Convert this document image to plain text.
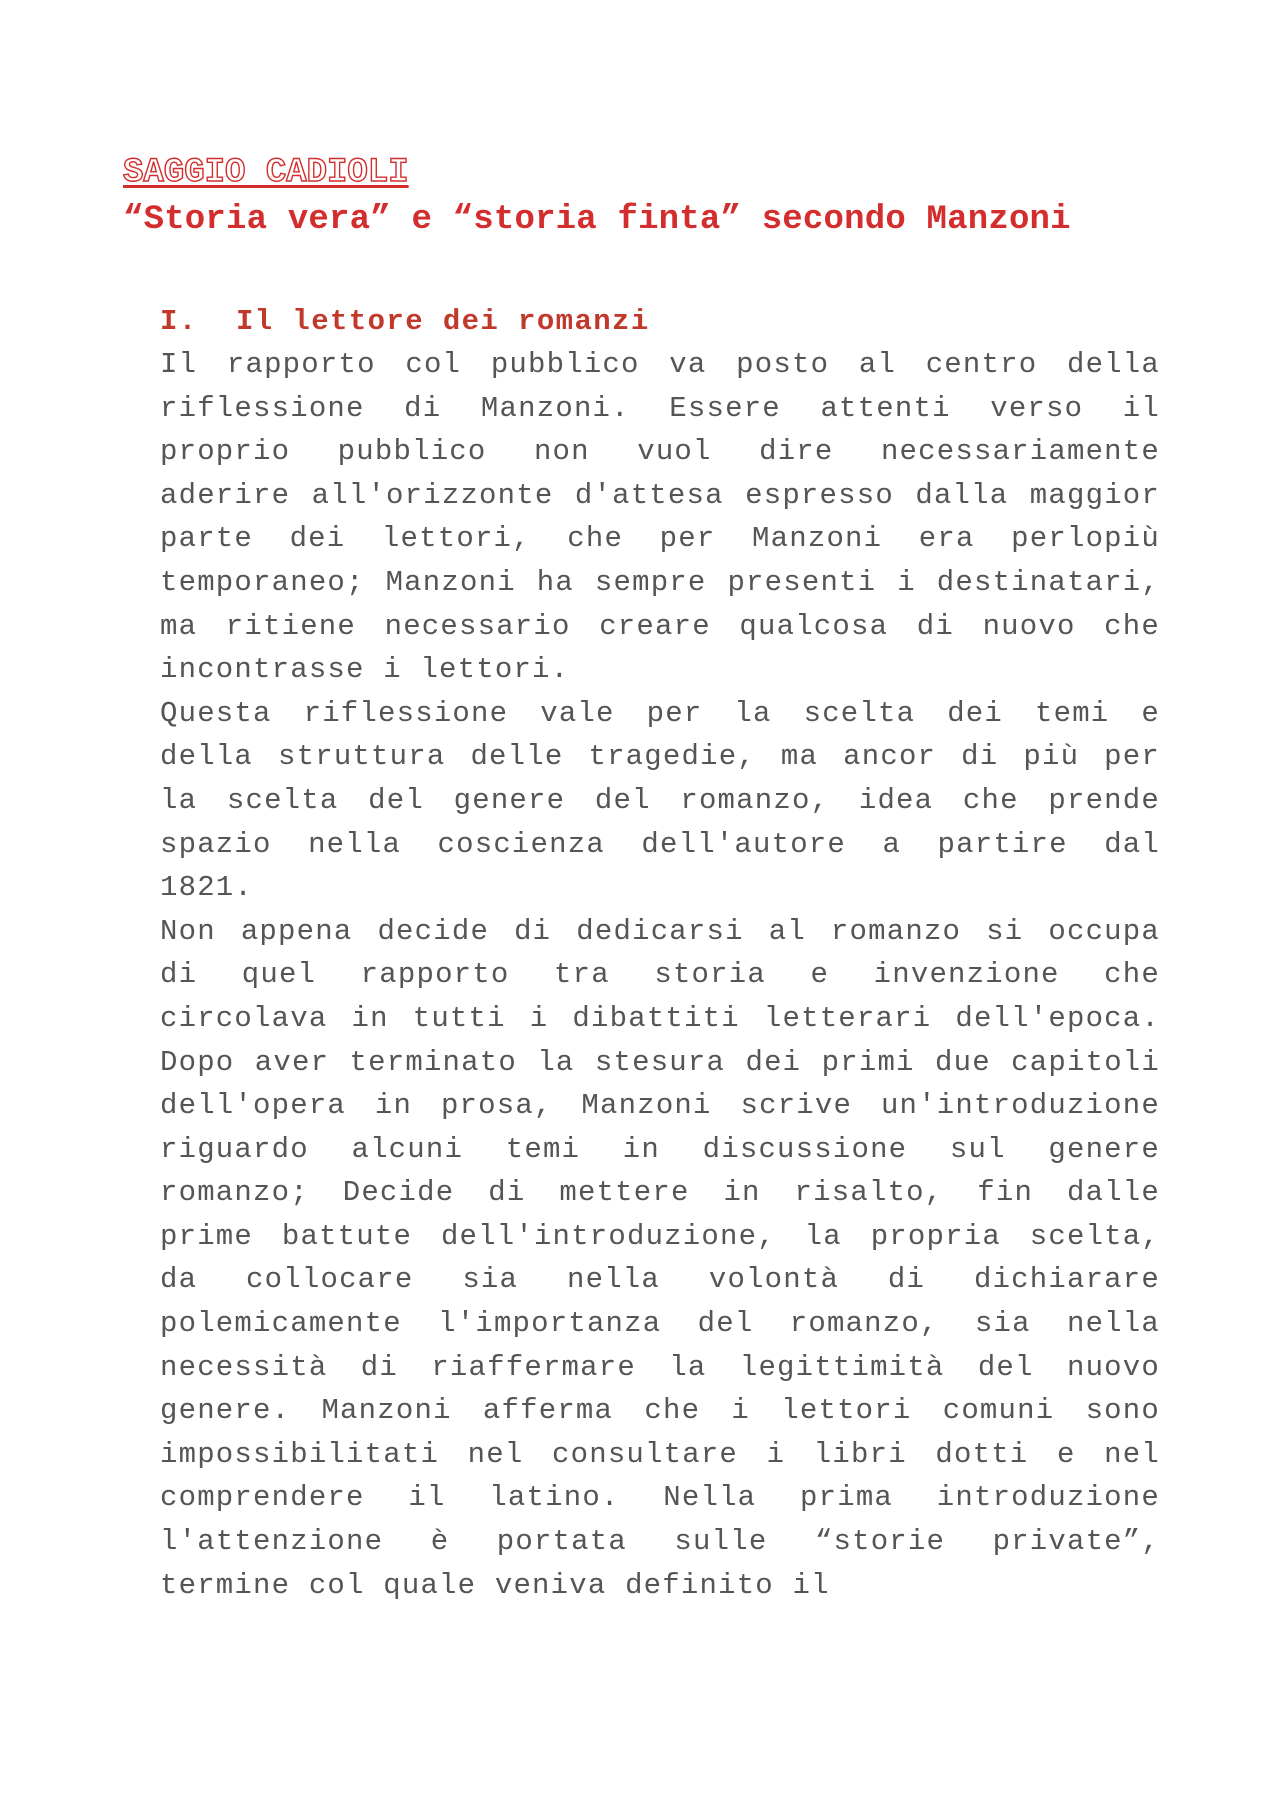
SAGGIO CADIOLI
“Storia vera” e “storia finta” secondo Manzoni
I. Il lettore dei romanzi

Il rapporto col pubblico va posto al centro della riflessione di Manzoni. Essere attenti verso il proprio pubblico non vuol dire necessariamente aderire all'orizzonte d'attesa espresso dalla maggior parte dei lettori, che per Manzoni era perlopiù temporaneo; Manzoni ha sempre presenti i destinatari, ma ritiene necessario creare qualcosa di nuovo che incontrasse i lettori.

Questa riflessione vale per la scelta dei temi e della struttura delle tragedie, ma ancor di più per la scelta del genere del romanzo, idea che prende spazio nella coscienza dell'autore a partire dal 1821.

Non appena decide di dedicarsi al romanzo si occupa di quel rapporto tra storia e invenzione che circolava in tutti i dibattiti letterari dell'epoca. Dopo aver terminato la stesura dei primi due capitoli dell'opera in prosa, Manzoni scrive un'introduzione riguardo alcuni temi in discussione sul genere romanzo; Decide di mettere in risalto, fin dalle prime battute dell'introduzione, la propria scelta, da collocare sia nella volontà di dichiarare polemicamente l'importanza del romanzo, sia nella necessità di riaffermare la legittimità del nuovo genere. Manzoni afferma che i lettori comuni sono impossibilitati nel consultare i libri dotti e nel comprendere il latino. Nella prima introduzione l'attenzione è portata sulle “storie private”, termine col quale veniva definito il
